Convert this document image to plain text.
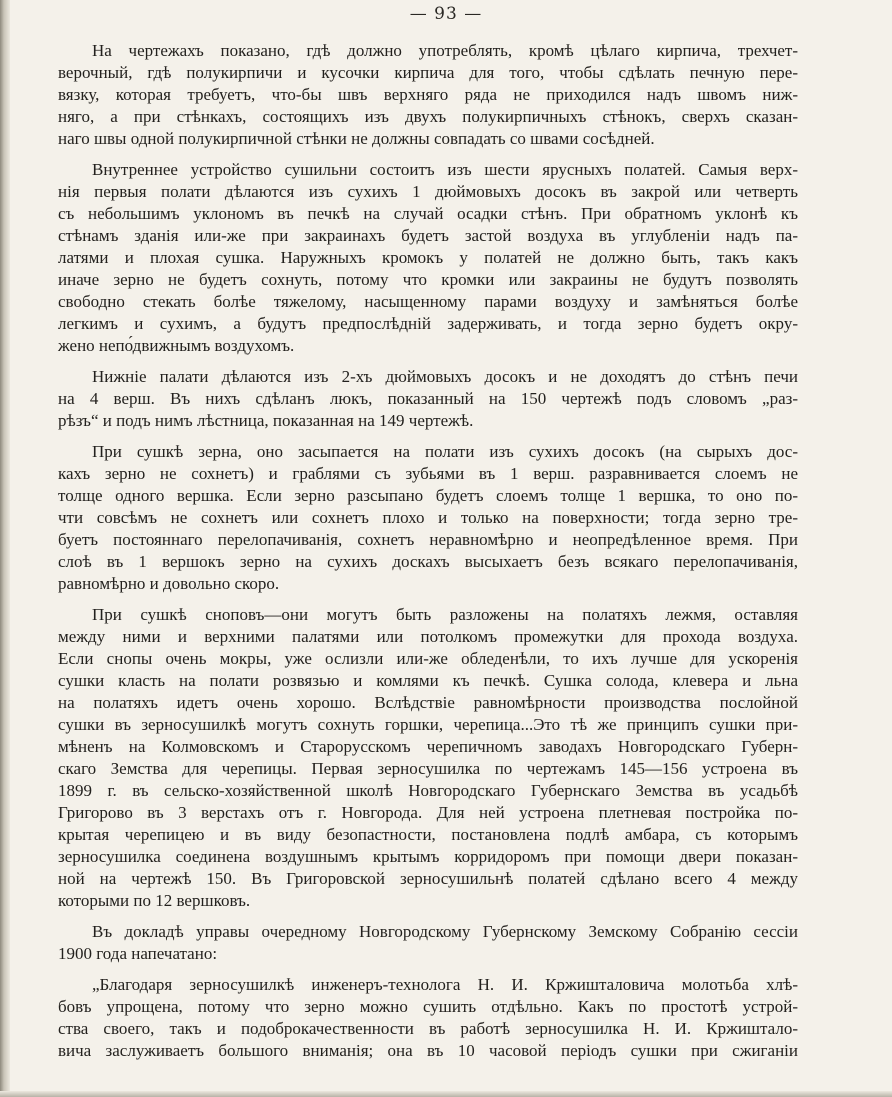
— 93 —
На чертежахъ показано, гдѣ должно употреблять, кромѣ цѣлаго кирпича, трехчет-
верочный, гдѣ полукирпичи и кусочки кирпича для того, чтобы сдѣлать печную пере-
вязку, которая требуетъ, что-бы швъ верхняго ряда не приходился надъ швомъ ниж-
няго, а при стѣнкахъ, состоящихъ изъ двухъ полукирпичныхъ стѣнокъ, сверхъ сказан-
наго швы одной полукирпичной стѣнки не должны совпадать со швами сосѣдней.
Внутреннее устройство сушильни состоитъ изъ шести ярусныхъ полатей. Самыя верх-
нія первыя полати дѣлаются изъ сухихъ 1 дюймовыхъ досокъ въ закрой или четверть
съ небольшимъ уклономъ въ печкѣ на случай осадки стѣнъ. При обратномъ уклонѣ къ
стѣнамъ зданія или-же при закраинахъ будетъ застой воздуха въ углубленіи надъ па-
латями и плохая сушка. Наружныхъ кромокъ у полатей не должно быть, такъ какъ
иначе зерно не будетъ сохнуть, потому что кромки или закраины не будутъ позволять
свободно стекать болѣе тяжелому, насыщенному парами воздуху и замѣняться болѣе
легкимъ и сухимъ, а будутъ предпослѣдній задерживать, и тогда зерно будетъ окру-
жено непо́движнымъ воздухомъ.
Нижніе палати дѣлаются изъ 2-хъ дюймовыхъ досокъ и не доходятъ до стѣнъ печи
на 4 верш. Въ нихъ сдѣланъ люкъ, показанный на 150 чертежѣ подъ словомъ „раз-
рѣзъ“ и подъ нимъ лѣстница, показанная на 149 чертежѣ.
При сушкѣ зерна, оно засыпается на полати изъ сухихъ досокъ (на сырыхъ дос-
кахъ зерно не сохнетъ) и граблями съ зубьями въ 1 верш. разравнивается слоемъ не
толще одного вершка. Если зерно разсыпано будетъ слоемъ толще 1 вершка, то оно по-
чти совсѣмъ не сохнетъ или сохнетъ плохо и только на поверхности; тогда зерно тре-
буетъ постояннаго перелопачиванія, сохнетъ неравномѣрно и неопредѣленное время. При
слоѣ въ 1 вершокъ зерно на сухихъ доскахъ высыхаетъ безъ всякаго перелопачиванія,
равномѣрно и довольно скоро.
При сушкѣ сноповъ—они могутъ быть разложены на полатяхъ лежмя, оставляя
между ними и верхними палатями или потолкомъ промежутки для прохода воздуха.
Если снопы очень мокры, уже ослизли или-же обледенѣли, то ихъ лучше для ускоренія
сушки класть на полати розвязью и комлями къ печкѣ. Сушка солода, клевера и льна
на полатяхъ идетъ очень хорошо. Вслѣдствіе равномѣрности производства послойной
сушки въ зерносушилкѣ могутъ сохнуть горшки, черепица...Это тѣ же принципъ сушки при-
мѣненъ на Колмовскомъ и Старорусскомъ черепичномъ заводахъ Новгородскаго Губерн-
скаго Земства для черепицы. Первая зерносушилка по чертежамъ 145—156 устроена въ
1899 г. въ сельско-хозяйственной школѣ Новгородскаго Губернскаго Земства въ усадьбѣ
Григорово въ 3 верстахъ отъ г. Новгорода. Для ней устроена плетневая постройка по-
крытая черепицею и въ виду безопастности, постановлена подлѣ амбара, съ которымъ
зерносушилка соединена воздушнымъ крытымъ корридоромъ при помощи двери показан-
ной на чертежѣ 150. Въ Григоровской зерносушильнѣ полатей сдѣлано всего 4 между
которыми по 12 вершковъ.
Въ докладѣ управы очередному Новгородскому Губернскому Земскому Собранію сессіи
1900 года напечатано:
„Благодаря зерносушилкѣ инженеръ-технолога Н. И. Кржишталовича молотьба хлѣ-
бовъ упрощена, потому что зерно можно сушить отдѣльно. Какъ по простотѣ устрой-
ства своего, такъ и подоброкачественности въ работѣ зерносушилка Н. И. Кржиштало-
вича заслуживаетъ большого вниманія; она въ 10 часовой періодъ сушки при сжиганіи
